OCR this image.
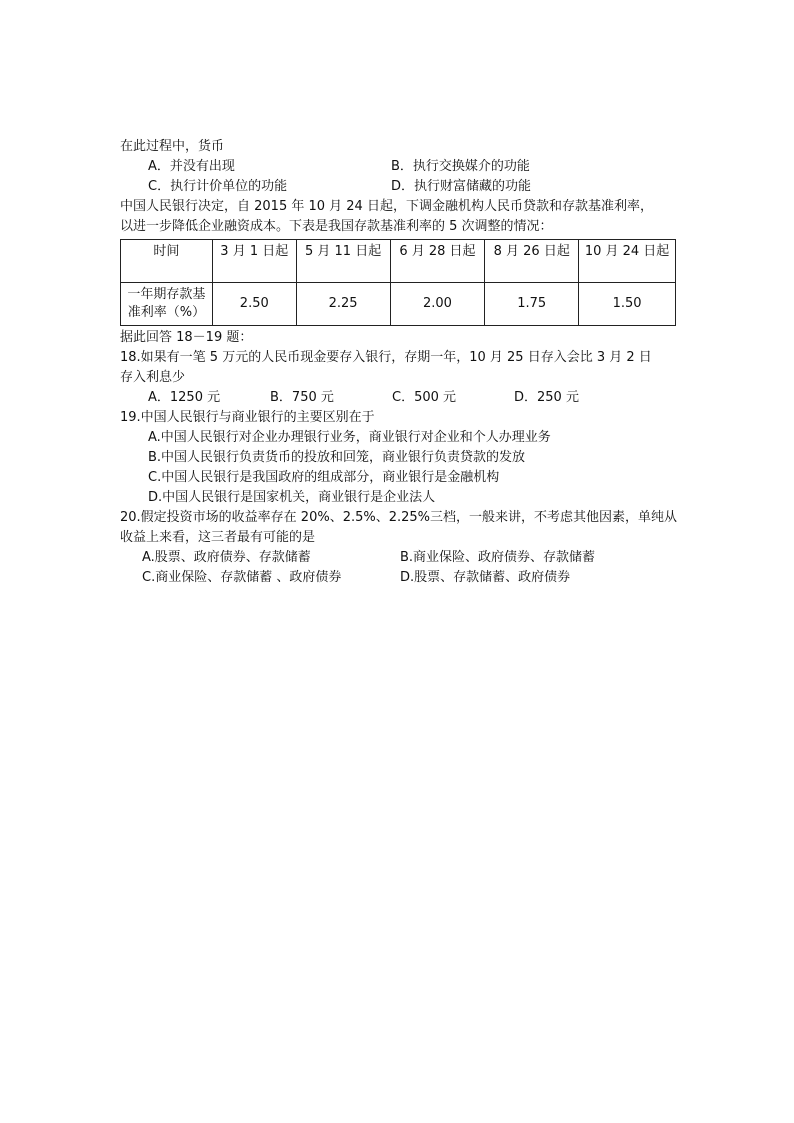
在此过程中，货币
A．并没有出现	B．执行交换媒介的功能
C．执行计价单位的功能	D．执行财富储藏的功能
中国人民银行决定，自 2015 年 10 月 24 日起，下调金融机构人民币贷款和存款基准利率，
以进一步降低企业融资成本。下表是我国存款基准利率的 5 次调整的情况：
时间	3 月 1 日起	5 月 11 日起	6 月 28 日起	8 月 26 日起	10 月 24 日起
一年期存款基准利率（%）	2.50	2.25	2.00	1.75	1.50
据此回答 18－19 题：
18.如果有一笔 5 万元的人民币现金要存入银行，存期一年，10 月 25 日存入会比 3 月 2 日
存入利息少
A．1250 元	B．750 元	C．500 元	D．250 元
19.中国人民银行与商业银行的主要区别在于
A.中国人民银行对企业办理银行业务，商业银行对企业和个人办理业务
B.中国人民银行负责货币的投放和回笼，商业银行负责贷款的发放
C.中国人民银行是我国政府的组成部分，商业银行是金融机构
D.中国人民银行是国家机关，商业银行是企业法人
20.假定投资市场的收益率存在 20%、2.5%、2.25%三档，一般来讲，不考虑其他因素，单纯从
收益上来看，这三者最有可能的是
A.股票、政府债券、存款储蓄	B.商业保险、政府债券、存款储蓄
C.商业保险、存款储蓄 、政府债券	D.股票、存款储蓄、政府债券
